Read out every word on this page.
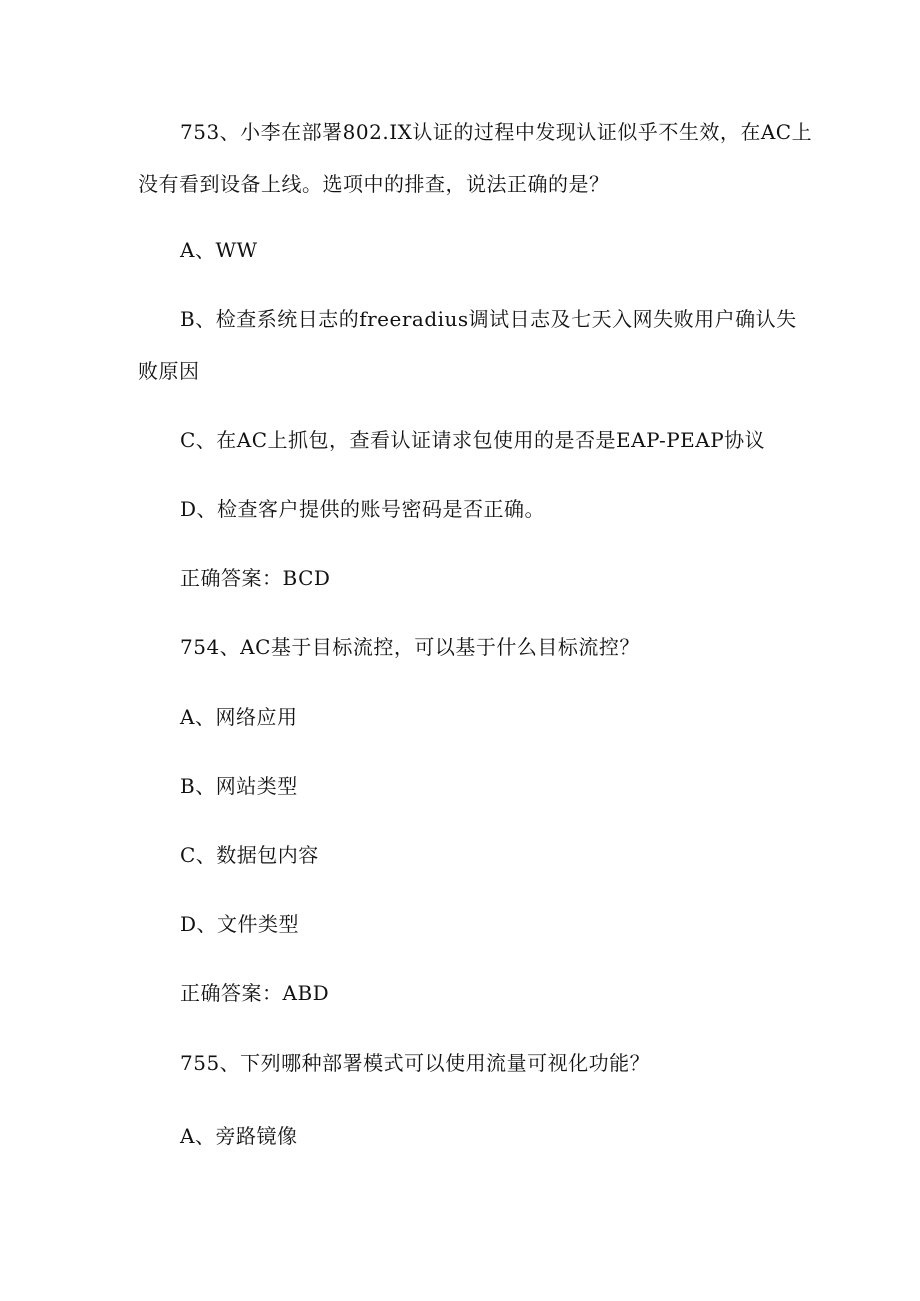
753、小李在部署802.IX认证的过程中发现认证似乎不生效，在AC上
没有看到设备上线。选项中的排查，说法正确的是？
A、WW
B、检查系统日志的freeradius调试日志及七天入网失败用户确认失
败原因
C、在AC上抓包，查看认证请求包使用的是否是EAP-PEAP协议
D、检查客户提供的账号密码是否正确。
正确答案：BCD
754、AC基于目标流控，可以基于什么目标流控？
A、网络应用
B、网站类型
C、数据包内容
D、文件类型
正确答案：ABD
755、下列哪种部署模式可以使用流量可视化功能？
A、旁路镜像
